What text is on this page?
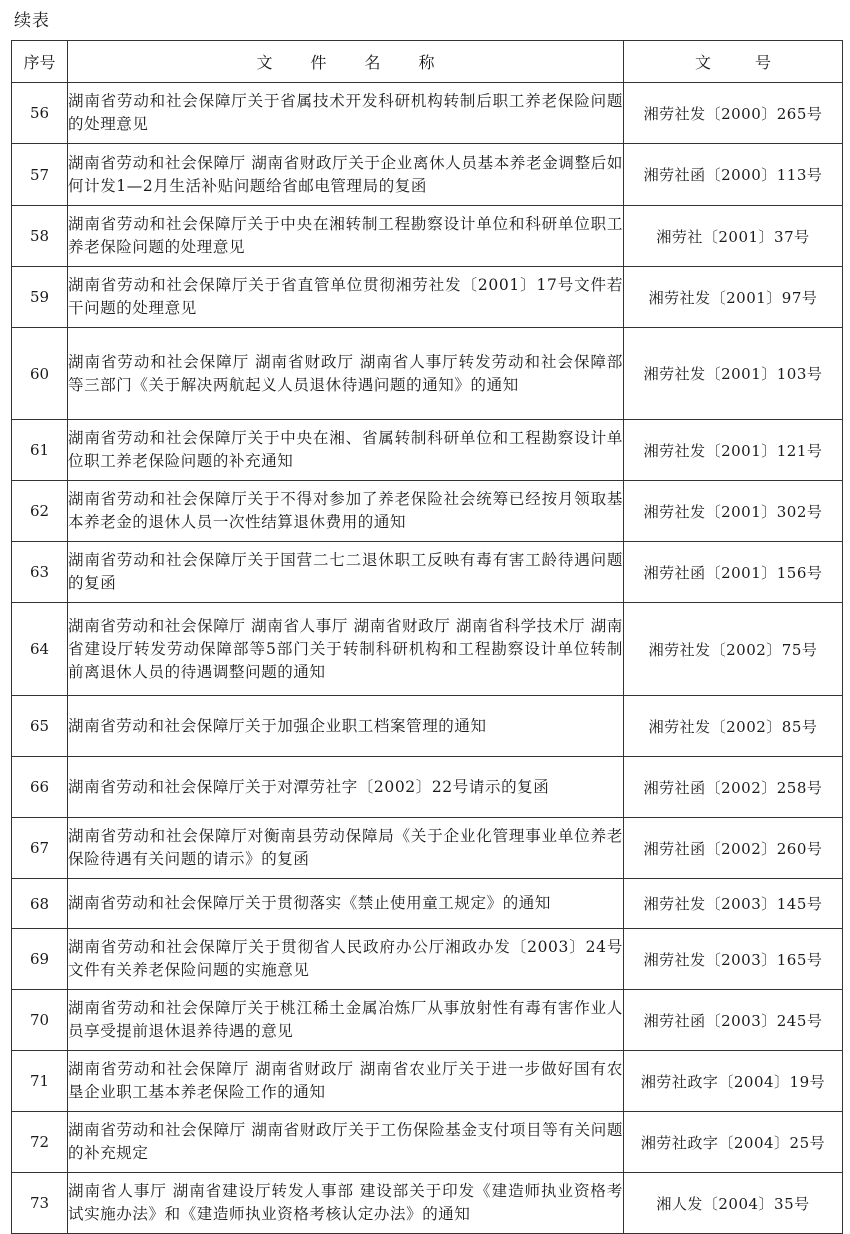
续表
序号	文件名称	文号
56	湖南省劳动和社会保障厅关于省属技术开发科研机构转制后职工养老保险问题的处理意见	湘劳社发〔2000〕265号
57	湖南省劳动和社会保障厅 湖南省财政厅关于企业离休人员基本养老金调整后如何计发1—2月生活补贴问题给省邮电管理局的复函	湘劳社函〔2000〕113号
58	湖南省劳动和社会保障厅关于中央在湘转制工程勘察设计单位和科研单位职工养老保险问题的处理意见	湘劳社〔2001〕37号
59	湖南省劳动和社会保障厅关于省直管单位贯彻湘劳社发〔2001〕17号文件若干问题的处理意见	湘劳社发〔2001〕97号
60	湖南省劳动和社会保障厅 湖南省财政厅 湖南省人事厅转发劳动和社会保障部等三部门《关于解决两航起义人员退休待遇问题的通知》的通知	湘劳社发〔2001〕103号
61	湖南省劳动和社会保障厅关于中央在湘、省属转制科研单位和工程勘察设计单位职工养老保险问题的补充通知	湘劳社发〔2001〕121号
62	湖南省劳动和社会保障厅关于不得对参加了养老保险社会统筹已经按月领取基本养老金的退休人员一次性结算退休费用的通知	湘劳社发〔2001〕302号
63	湖南省劳动和社会保障厅关于国营二七二退休职工反映有毒有害工龄待遇问题的复函	湘劳社函〔2001〕156号
64	湖南省劳动和社会保障厅 湖南省人事厅 湖南省财政厅 湖南省科学技术厅 湖南省建设厅转发劳动保障部等5部门关于转制科研机构和工程勘察设计单位转制前离退休人员的待遇调整问题的通知	湘劳社发〔2002〕75号
65	湖南省劳动和社会保障厅关于加强企业职工档案管理的通知	湘劳社发〔2002〕85号
66	湖南省劳动和社会保障厅关于对潭劳社字〔2002〕22号请示的复函	湘劳社函〔2002〕258号
67	湖南省劳动和社会保障厅对衡南县劳动保障局《关于企业化管理事业单位养老保险待遇有关问题的请示》的复函	湘劳社函〔2002〕260号
68	湖南省劳动和社会保障厅关于贯彻落实《禁止使用童工规定》的通知	湘劳社发〔2003〕145号
69	湖南省劳动和社会保障厅关于贯彻省人民政府办公厅湘政办发〔2003〕24号文件有关养老保险问题的实施意见	湘劳社发〔2003〕165号
70	湖南省劳动和社会保障厅关于桃江稀土金属冶炼厂从事放射性有毒有害作业人员享受提前退休退养待遇的意见	湘劳社函〔2003〕245号
71	湖南省劳动和社会保障厅 湖南省财政厅 湖南省农业厅关于进一步做好国有农垦企业职工基本养老保险工作的通知	湘劳社政字〔2004〕19号
72	湖南省劳动和社会保障厅 湖南省财政厅关于工伤保险基金支付项目等有关问题的补充规定	湘劳社政字〔2004〕25号
73	湖南省人事厅 湖南省建设厅转发人事部 建设部关于印发《建造师执业资格考试实施办法》和《建造师执业资格考核认定办法》的通知	湘人发〔2004〕35号
